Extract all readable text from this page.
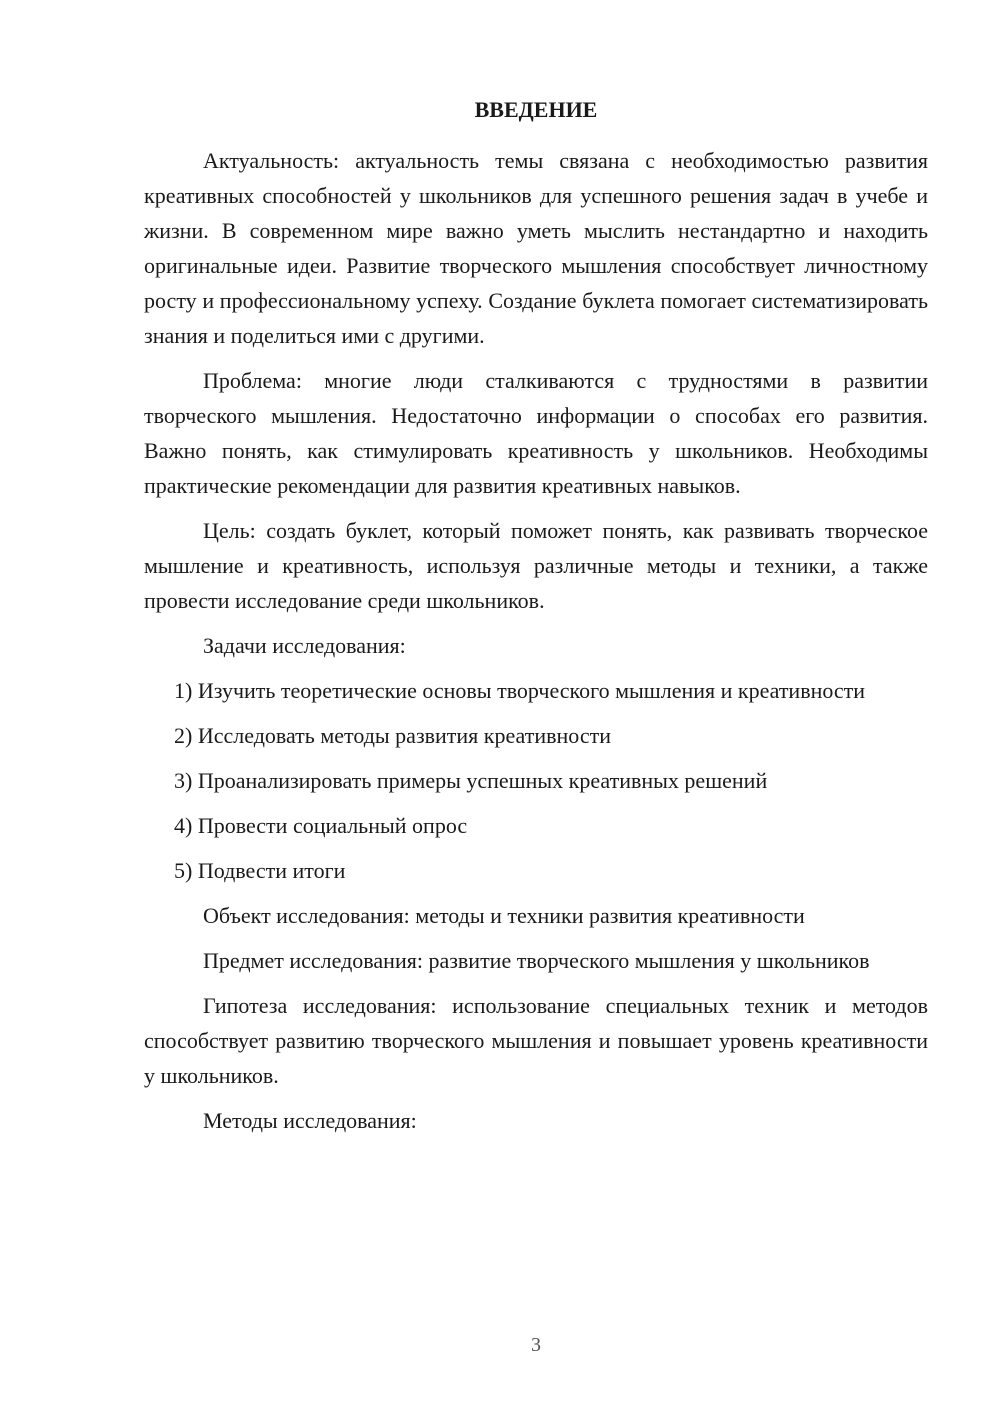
ВВЕДЕНИЕ

Актуальность: актуальность темы связана с необходимостью развития креативных способностей у школьников для успешного решения задач в учебе и жизни. В современном мире важно уметь мыслить нестандартно и находить оригинальные идеи. Развитие творческого мышления способствует личностному росту и профессиональному успеху. Создание буклета помогает систематизировать знания и поделиться ими с другими.

Проблема: многие люди сталкиваются с трудностями в развитии творческого мышления. Недостаточно информации о способах его развития. Важно понять, как стимулировать креативность у школьников. Необходимы практические рекомендации для развития креативных навыков.

Цель: создать буклет, который поможет понять, как развивать творческое мышление и креативность, используя различные методы и техники, а также провести исследование среди школьников.

Задачи исследования:

1) Изучить теоретические основы творческого мышления и креативности

2) Исследовать методы развития креативности

3) Проанализировать примеры успешных креативных решений

4) Провести социальный опрос

5) Подвести итоги

Объект исследования: методы и техники развития креативности

Предмет исследования: развитие творческого мышления у школьников

Гипотеза исследования: использование специальных техник и методов способствует развитию творческого мышления и повышает уровень креативности у школьников.

Методы исследования:

3
